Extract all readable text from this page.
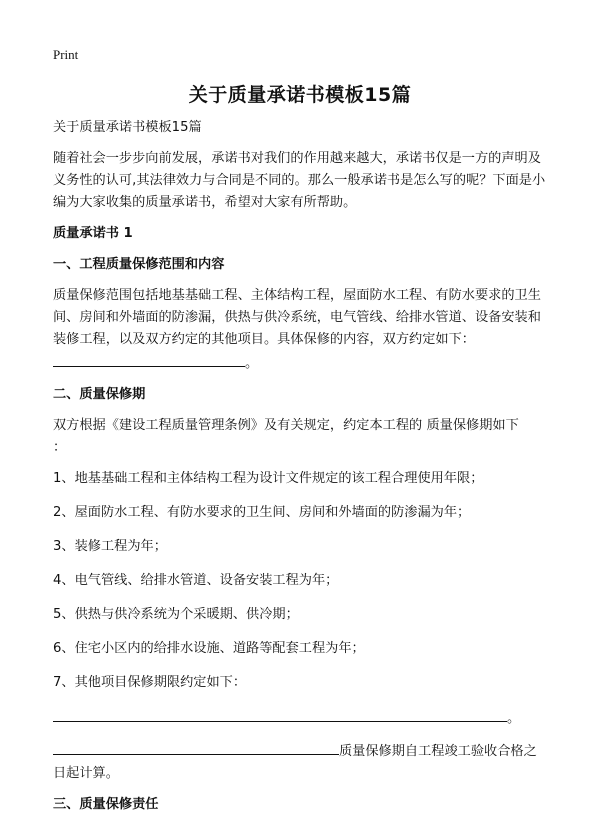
Print
关于质量承诺书模板15篇

关于质量承诺书模板15篇

随着社会一步步向前发展，承诺书对我们的作用越来越大，承诺书仅是一方的声明及义务性的认可,其法律效力与合同是不同的。那么一般承诺书是怎么写的呢？下面是小编为大家收集的质量承诺书，希望对大家有所帮助。

质量承诺书 1

一、工程质量保修范围和内容

质量保修范围包括地基基础工程、主体结构工程，屋面防水工程、有防水要求的卫生间、房间和外墙面的防渗漏，供热与供冷系统，电气管线、给排水管道、设备安装和装修工程，以及双方约定的其他项目。具体保修的内容，双方约定如下：

。

二、质量保修期

双方根据《建设工程质量管理条例》及有关规定，约定本工程的 质量保修期如下
：

1、地基基础工程和主体结构工程为设计文件规定的该工程合理使用年限；

2、屋面防水工程、有防水要求的卫生间、房间和外墙面的防渗漏为年；

3、装修工程为年；

4、电气管线、给排水管道、设备安装工程为年；

5、供热与供冷系统为个采暖期、供冷期；

6、住宅小区内的给排水设施、道路等配套工程为年；

7、其他项目保修期限约定如下：

。

质量保修期自工程竣工验收合格之
日起计算。

三、质量保修责任
